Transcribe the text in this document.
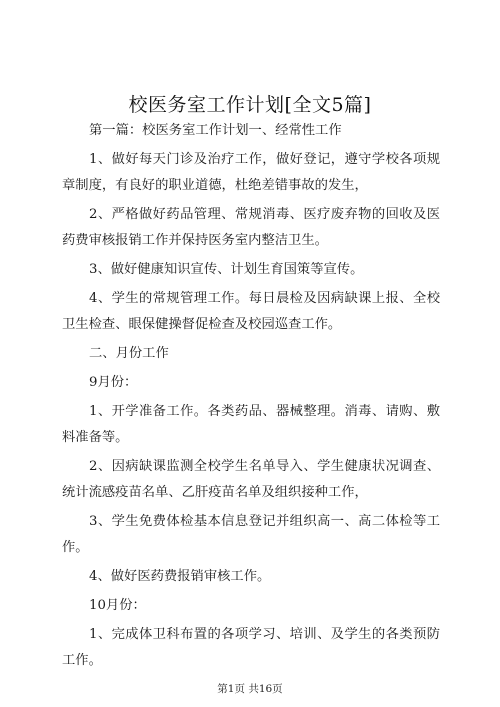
校医务室工作计划[全文5篇]

第一篇：校医务室工作计划一、经常性工作

1、做好每天门诊及治疗工作，做好登记，遵守学校各项规章制度，有良好的职业道德，杜绝差错事故的发生，

2、严格做好药品管理、常规消毒、医疗废弃物的回收及医药费审核报销工作并保持医务室内整洁卫生。

3、做好健康知识宣传、计划生育国策等宣传。

4、学生的常规管理工作。每日晨检及因病缺课上报、全校卫生检查、眼保健操督促检查及校园巡查工作。

二、月份工作

9月份：

1、开学准备工作。各类药品、器械整理。消毒、请购、敷料准备等。

2、因病缺课监测全校学生名单导入、学生健康状况调查、统计流感疫苗名单、乙肝疫苗名单及组织接种工作，

3、学生免费体检基本信息登记并组织高一、高二体检等工作。

4、做好医药费报销审核工作。

10月份：

1、完成体卫科布置的各项学习、培训、及学生的各类预防工作。

第1页 共16页
